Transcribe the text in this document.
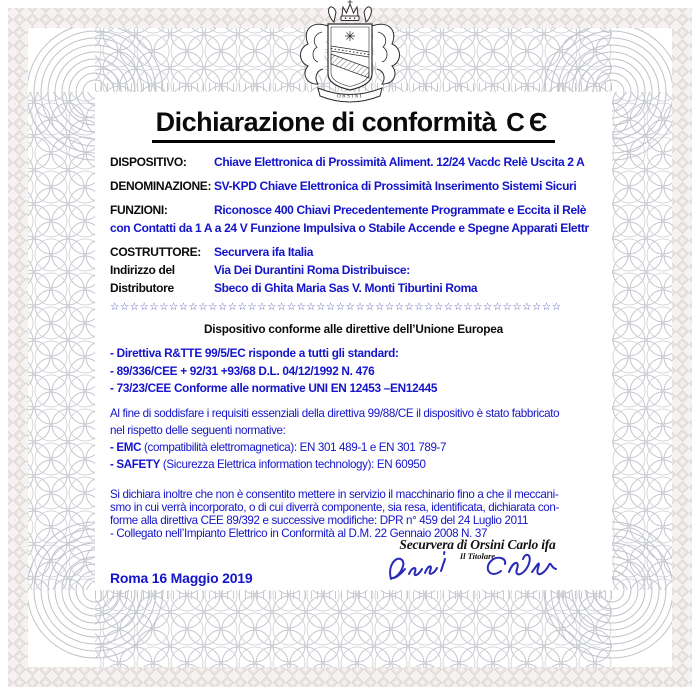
ORSINI
Dichiarazione di conformità CЄ
DISPOSITIVO:	Chiave Elettronica di Prossimità Aliment. 12/24 Vacdc Relè Uscita 2 A
DENOMINAZIONE: SV-KPD Chiave Elettronica di Prossimità Inserimento Sistemi Sicuri
FUNZIONI:	Riconosce 400 Chiavi Precedentemente Programmate e Eccita il Relè
con Contatti da 1 A a 24 V Funzione Impulsiva o Stabile Accende e Spegne Apparati Elettr
COSTRUTTORE:	Securvera ifa Italia
Indirizzo del	Via Dei Durantini Roma Distribuisce:
Distributore	Sbeco di Ghita Maria Sas V. Monti Tiburtini Roma
☆☆☆☆☆☆☆☆☆☆☆☆☆☆☆☆☆☆☆☆☆☆☆☆☆☆☆☆☆☆☆☆☆☆☆☆☆☆☆☆☆☆☆☆☆☆
Dispositivo conforme alle direttive dell’Unione Europea
- Direttiva R&TTE 99/5/EC risponde a tutti gli standard:
- 89/336/CEE + 92/31 +93/68 D.L. 04/12/1992 N. 476
- 73/23/CEE Conforme alle normative UNI EN 12453 –EN12445
Al fine di soddisfare i requisiti essenziali della direttiva 99/88/CE il dispositivo è stato fabbricato
nel rispetto delle seguenti normative:
- EMC (compatibilità elettromagnetica): EN 301 489-1 e EN 301 789-7
- SAFETY (Sicurezza Elettrica information technology): EN 60950
Si dichiara inoltre che non è consentito mettere in servizio il macchinario fino a che il meccani-
smo in cui verrà incorporato, o di cui diverrà componente, sia resa, identificata, dichiarata con-
forme alla direttiva CEE 89/392 e successive modifiche: DPR n° 459 del 24 Luglio 2011
- Collegato nell’Impianto Elettrico in Conformità al D.M. 22 Gennaio 2008 N. 37
Roma 16 Maggio 2019
Securvera di Orsini Carlo ifa
Il Titolare
